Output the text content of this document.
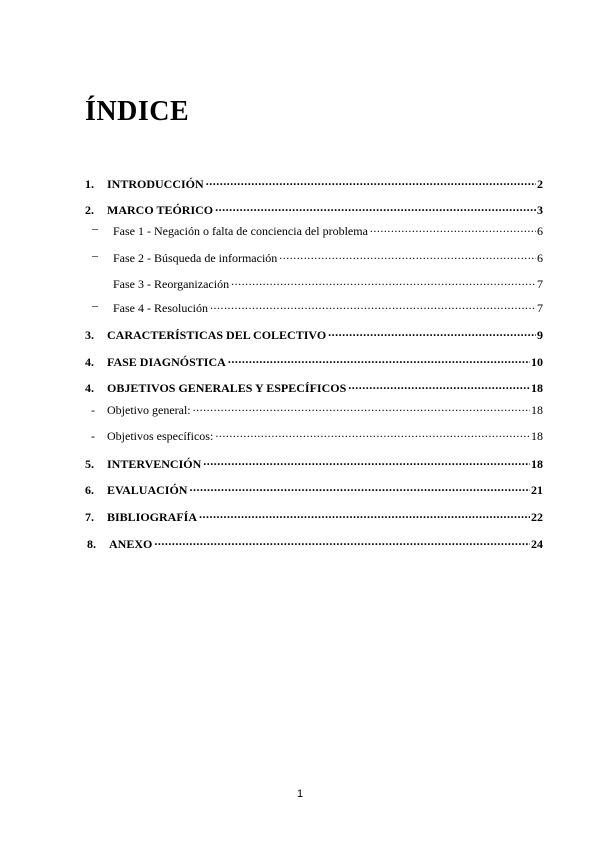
ÍNDICE
1. INTRODUCCIÓN .....	2
2. MARCO TEÓRICO .....	3
‒ Fase 1 - Negación o falta de conciencia del problema .....	6
‒ Fase 2 - Búsqueda de información .....	6
Fase 3 - Reorganización .....	7
‒ Fase 4 - Resolución .....	7
3. CARACTERÍSTICAS DEL COLECTIVO .....	9
4. FASE DIAGNÓSTICA .....	10
4. OBJETIVOS GENERALES Y ESPECÍFICOS .....	18
- Objetivo general: .....	18
- Objetivos específicos: .....	18
5. INTERVENCIÓN .....	18
6. EVALUACIÓN .....	21
7. BIBLIOGRAFÍA .....	22
8. ANEXO .....	24
1
